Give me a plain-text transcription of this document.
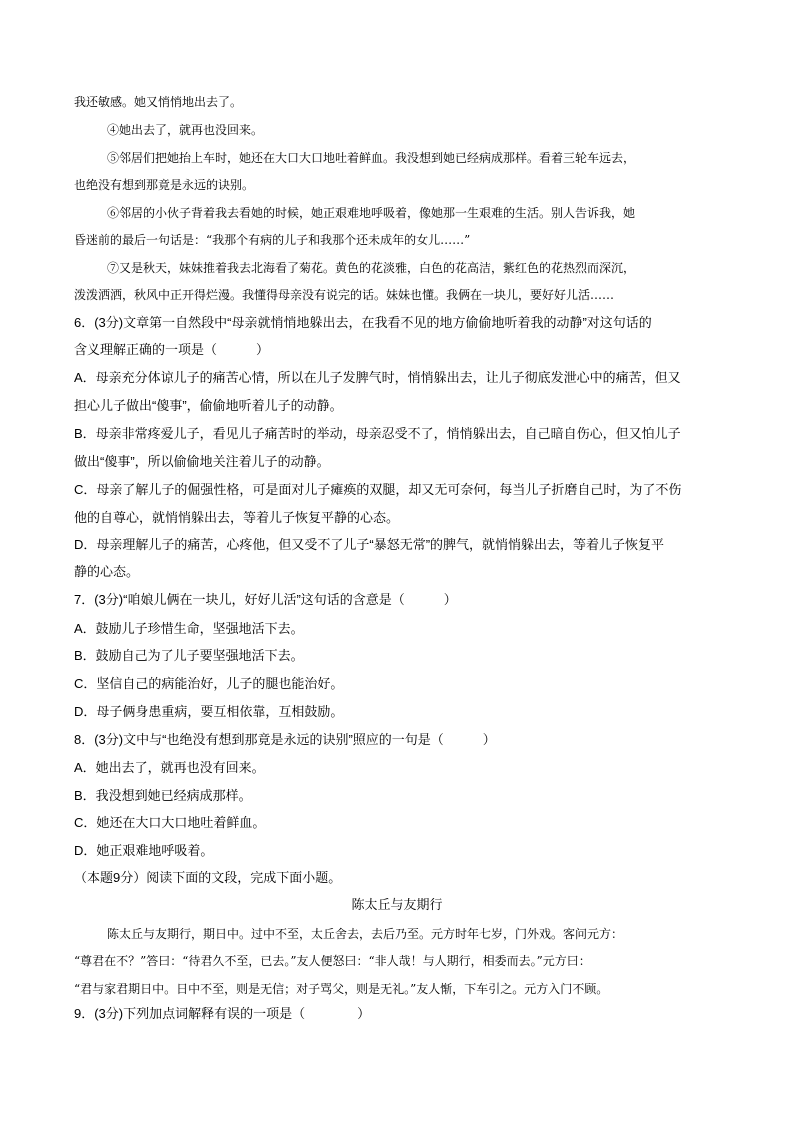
我还敏感。她又悄悄地出去了。
④她出去了，就再也没回来。
⑤邻居们把她抬上车时，她还在大口大口地吐着鲜血。我没想到她已经病成那样。看着三轮车远去，
也绝没有想到那竟是永远的诀别。
⑥邻居的小伙子背着我去看她的时候，她正艰难地呼吸着，像她那一生艰难的生活。别人告诉我，她
昏迷前的最后一句话是：“我那个有病的儿子和我那个还未成年的女儿……”
⑦又是秋天，妹妹推着我去北海看了菊花。黄色的花淡雅，白色的花高洁，紫红色的花热烈而深沉，
泼泼洒洒，秋风中正开得烂漫。我懂得母亲没有说完的话。妹妹也懂。我俩在一块儿，要好好儿活……
6．(3分)文章第一自然段中“母亲就悄悄地躲出去，在我看不见的地方偷偷地听着我的动静”对这句话的
含义理解正确的一项是（　　　）
A．母亲充分体谅儿子的痛苦心情，所以在儿子发脾气时，悄悄躲出去，让儿子彻底发泄心中的痛苦，但又
担心儿子做出“傻事”，偷偷地听着儿子的动静。
B．母亲非常疼爱儿子，看见儿子痛苦时的举动，母亲忍受不了，悄悄躲出去，自己暗自伤心，但又怕儿子
做出“傻事”，所以偷偷地关注着儿子的动静。
C．母亲了解儿子的倔强性格，可是面对儿子瘫痪的双腿，却又无可奈何，每当儿子折磨自己时，为了不伤
他的自尊心，就悄悄躲出去，等着儿子恢复平静的心态。
D．母亲理解儿子的痛苦，心疼他，但又受不了儿子“暴怒无常”的脾气，就悄悄躲出去，等着儿子恢复平
静的心态。
7．(3分)“咱娘儿俩在一块儿，好好儿活”这句话的含意是（　　　）
A．鼓励儿子珍惜生命，坚强地活下去。
B．鼓励自己为了儿子要坚强地活下去。
C．坚信自己的病能治好，儿子的腿也能治好。
D．母子俩身患重病，要互相依靠，互相鼓励。
8．(3分)文中与“也绝没有想到那竟是永远的诀别”照应的一句是（　　　）
A．她出去了，就再也没有回来。
B．我没想到她已经病成那样。
C．她还在大口大口地吐着鲜血。
D．她正艰难地呼吸着。
（本题9分）阅读下面的文段，完成下面小题。
陈太丘与友期行
陈太丘与友期行，期日中。过中不至，太丘舍去，去后乃至。元方时年七岁，门外戏。客问元方：
“尊君在不？”答曰：“待君久不至，已去。”友人便怒曰：“非人哉！与人期行，相委而去。”元方曰：
“君与家君期日中。日中不至，则是无信；对子骂父，则是无礼。”友人惭，下车引之。元方入门不顾。
9．(3分)下列加点词解释有误的一项是（　　　　）
